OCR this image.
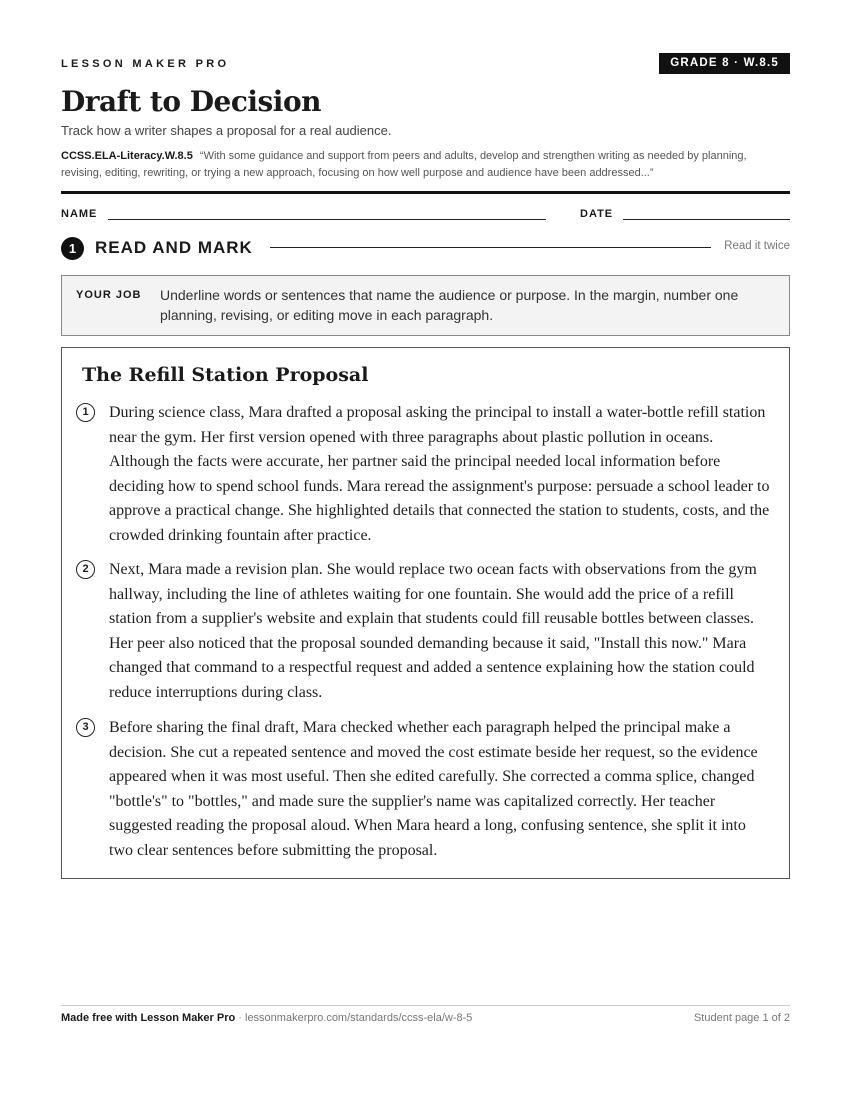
LESSON MAKER PRO	GRADE 8 · W.8.5
Draft to Decision
Track how a writer shapes a proposal for a real audience.
CCSS.ELA-Literacy.W.8.5 “With some guidance and support from peers and adults, develop and strengthen writing as needed by planning, revising, editing, rewriting, or trying a new approach, focusing on how well purpose and audience have been addressed...”
NAME	DATE
1	READ AND MARK	Read it twice
YOUR JOB Underline words or sentences that name the audience or purpose. In the margin, number one planning, revising, or editing move in each paragraph.
The Refill Station Proposal
1	During science class, Mara drafted a proposal asking the principal to install a water-bottle refill station near the gym. Her first version opened with three paragraphs about plastic pollution in oceans. Although the facts were accurate, her partner said the principal needed local information before deciding how to spend school funds. Mara reread the assignment's purpose: persuade a school leader to approve a practical change. She highlighted details that connected the station to students, costs, and the crowded drinking fountain after practice.

2	Next, Mara made a revision plan. She would replace two ocean facts with observations from the gym hallway, including the line of athletes waiting for one fountain. She would add the price of a refill station from a supplier's website and explain that students could fill reusable bottles between classes. Her peer also noticed that the proposal sounded demanding because it said, "Install this now." Mara changed that command to a respectful request and added a sentence explaining how the station could reduce interruptions during class.

3	Before sharing the final draft, Mara checked whether each paragraph helped the principal make a decision. She cut a repeated sentence and moved the cost estimate beside her request, so the evidence appeared when it was most useful. Then she edited carefully. She corrected a comma splice, changed "bottle's" to "bottles," and made sure the supplier's name was capitalized correctly. Her teacher suggested reading the proposal aloud. When Mara heard a long, confusing sentence, she split it into two clear sentences before submitting the proposal.

Made free with Lesson Maker Pro · lessonmakerpro.com/standards/ccss-ela/w-8-5	Student page 1 of 2
